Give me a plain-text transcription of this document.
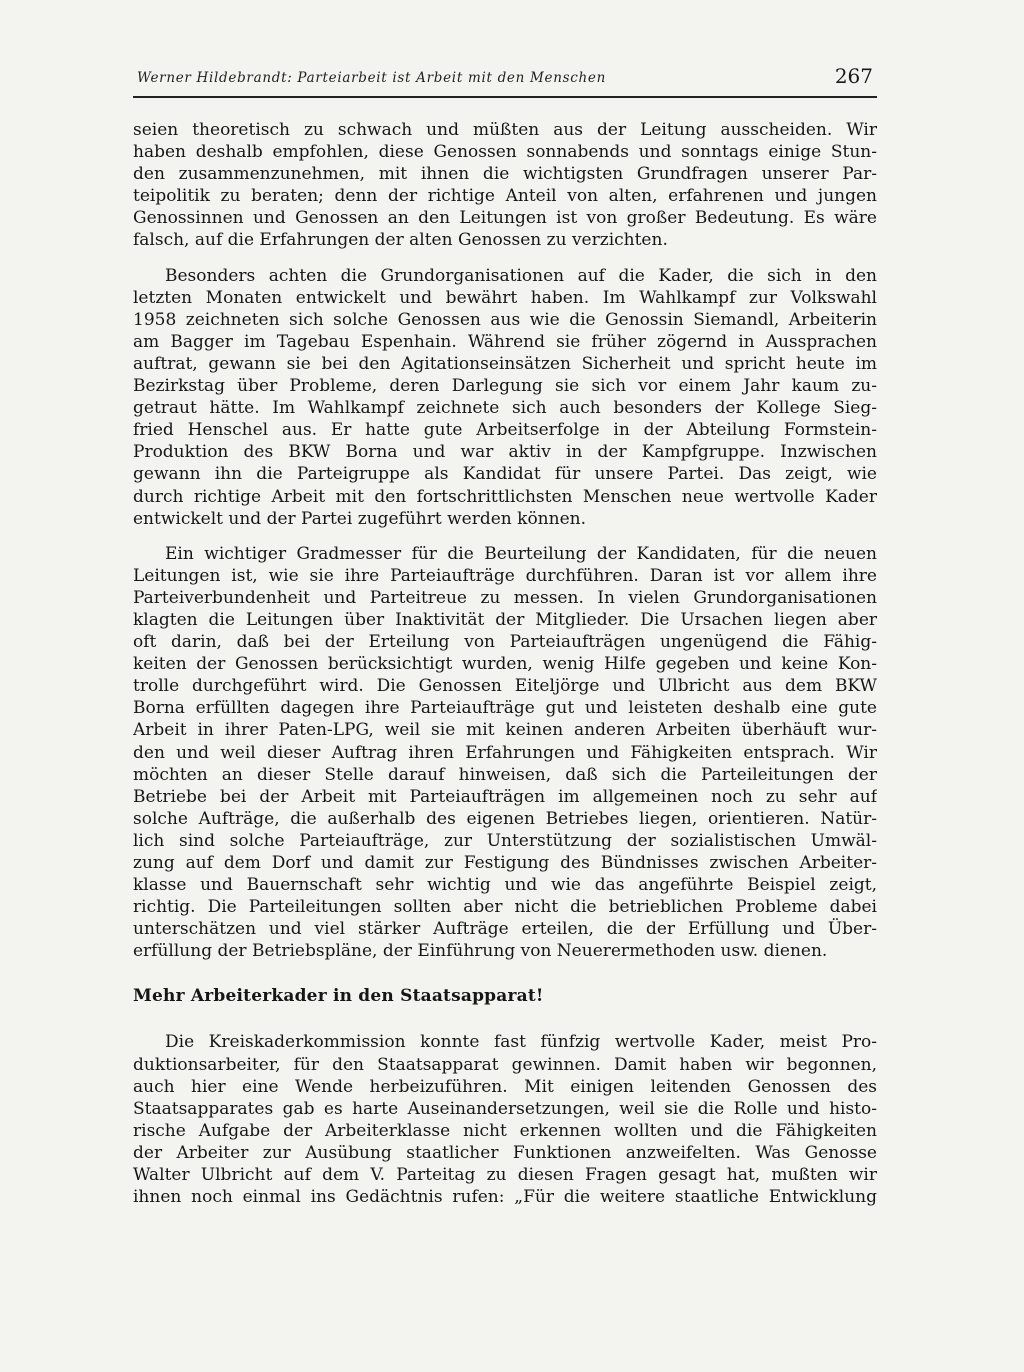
Werner Hildebrandt: Parteiarbeit ist Arbeit mit den Menschen	267
seien theoretisch zu schwach und müßten aus der Leitung ausscheiden. Wir
haben deshalb empfohlen, diese Genossen sonnabends und sonntags einige Stun-
den zusammenzunehmen, mit ihnen die wichtigsten Grundfragen unserer Par-
teipolitik zu beraten; denn der richtige Anteil von alten, erfahrenen und jungen
Genossinnen und Genossen an den Leitungen ist von großer Bedeutung. Es wäre
falsch, auf die Erfahrungen der alten Genossen zu verzichten.
Besonders achten die Grundorganisationen auf die Kader, die sich in den
letzten Monaten entwickelt und bewährt haben. Im Wahlkampf zur Volkswahl
1958 zeichneten sich solche Genossen aus wie die Genossin Siemandl, Arbeiterin
am Bagger im Tagebau Espenhain. Während sie früher zögernd in Aussprachen
auftrat, gewann sie bei den Agitationseinsätzen Sicherheit und spricht heute im
Bezirkstag über Probleme, deren Darlegung sie sich vor einem Jahr kaum zu-
getraut hätte. Im Wahlkampf zeichnete sich auch besonders der Kollege Sieg-
fried Henschel aus. Er hatte gute Arbeitserfolge in der Abteilung Formstein-
Produktion des BKW Borna und war aktiv in der Kampfgruppe. Inzwischen
gewann ihn die Parteigruppe als Kandidat für unsere Partei. Das zeigt, wie
durch richtige Arbeit mit den fortschrittlichsten Menschen neue wertvolle Kader
entwickelt und der Partei zugeführt werden können.
Ein wichtiger Gradmesser für die Beurteilung der Kandidaten, für die neuen
Leitungen ist, wie sie ihre Parteiaufträge durchführen. Daran ist vor allem ihre
Parteiverbundenheit und Parteitreue zu messen. In vielen Grundorganisationen
klagten die Leitungen über Inaktivität der Mitglieder. Die Ursachen liegen aber
oft darin, daß bei der Erteilung von Parteiaufträgen ungenügend die Fähig-
keiten der Genossen berücksichtigt wurden, wenig Hilfe gegeben und keine Kon-
trolle durchgeführt wird. Die Genossen Eiteljörge und Ulbricht aus dem BKW
Borna erfüllten dagegen ihre Parteiaufträge gut und leisteten deshalb eine gute
Arbeit in ihrer Paten-LPG, weil sie mit keinen anderen Arbeiten überhäuft wur-
den und weil dieser Auftrag ihren Erfahrungen und Fähigkeiten entsprach. Wir
möchten an dieser Stelle darauf hinweisen, daß sich die Parteileitungen der
Betriebe bei der Arbeit mit Parteiaufträgen im allgemeinen noch zu sehr auf
solche Aufträge, die außerhalb des eigenen Betriebes liegen, orientieren. Natür-
lich sind solche Parteiaufträge, zur Unterstützung der sozialistischen Umwäl-
zung auf dem Dorf und damit zur Festigung des Bündnisses zwischen Arbeiter-
klasse und Bauernschaft sehr wichtig und wie das angeführte Beispiel zeigt,
richtig. Die Parteileitungen sollten aber nicht die betrieblichen Probleme dabei
unterschätzen und viel stärker Aufträge erteilen, die der Erfüllung und Über-
erfüllung der Betriebspläne, der Einführung von Neuerermethoden usw. dienen.
Mehr Arbeiterkader in den Staatsapparat!
Die Kreiskaderkommission konnte fast fünfzig wertvolle Kader, meist Pro-
duktionsarbeiter, für den Staatsapparat gewinnen. Damit haben wir begonnen,
auch hier eine Wende herbeizuführen. Mit einigen leitenden Genossen des
Staatsapparates gab es harte Auseinandersetzungen, weil sie die Rolle und histo-
rische Aufgabe der Arbeiterklasse nicht erkennen wollten und die Fähigkeiten
der Arbeiter zur Ausübung staatlicher Funktionen anzweifelten. Was Genosse
Walter Ulbricht auf dem V. Parteitag zu diesen Fragen gesagt hat, mußten wir
ihnen noch einmal ins Gedächtnis rufen: „Für die weitere staatliche Entwicklung
